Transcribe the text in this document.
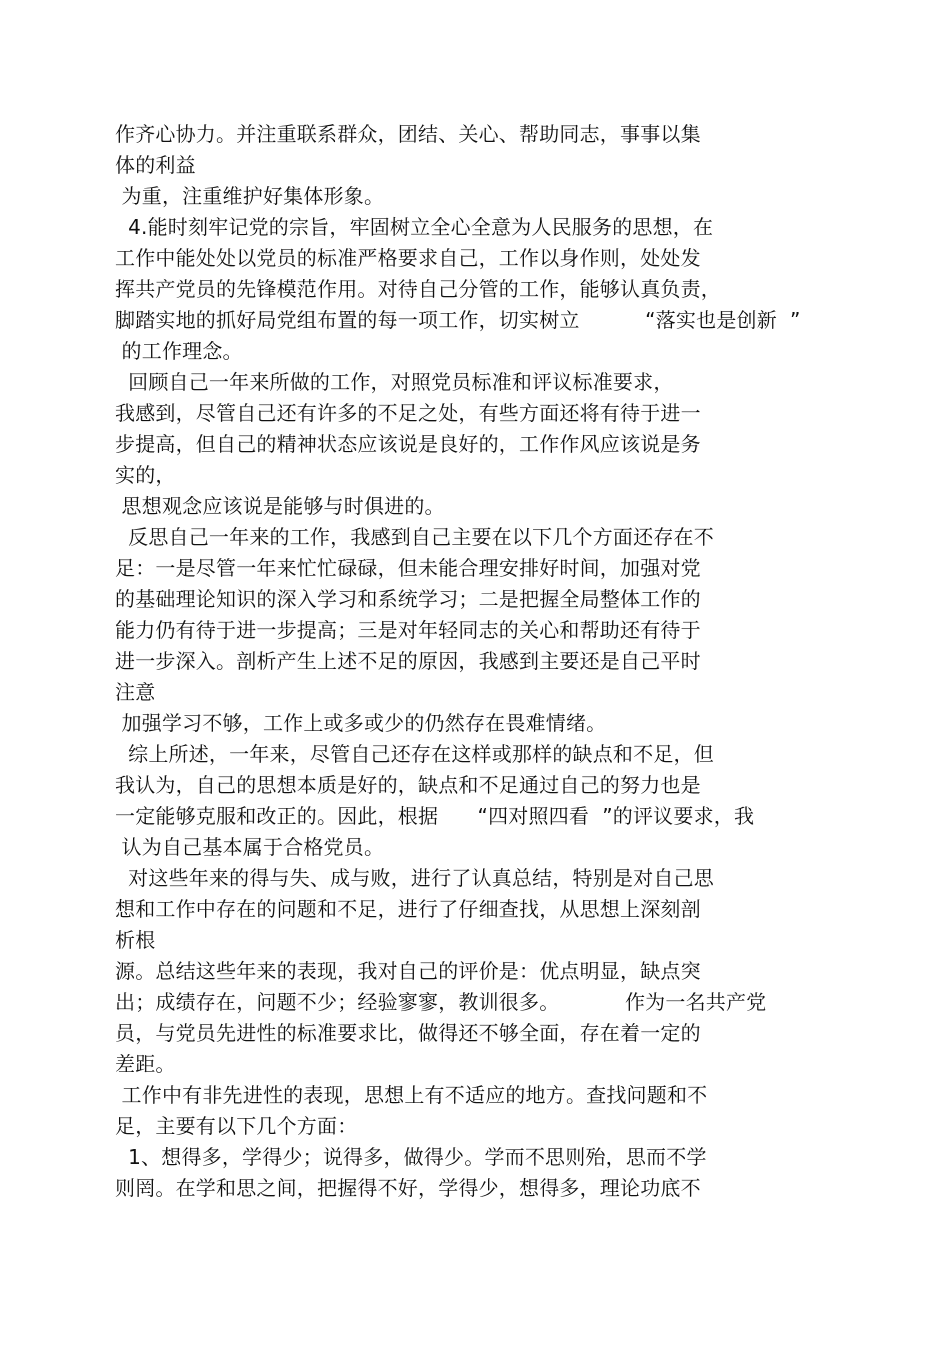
作齐心协力。并注重联系群众，团结、关心、帮助同志，事事以集
体的利益
为重，注重维护好集体形象。
4.能时刻牢记党的宗旨，牢固树立全心全意为人民服务的思想，在
工作中能处处以党员的标准严格要求自己，工作以身作则，处处发
挥共产党员的先锋模范作用。对待自己分管的工作，能够认真负责，
脚踏实地的抓好局党组布置的每一项工作，切实树立          “落实也是创新  ”
的工作理念。
回顾自己一年来所做的工作，对照党员标准和评议标准要求，
我感到，尽管自己还有许多的不足之处，有些方面还将有待于进一
步提高，但自己的精神状态应该说是良好的，工作作风应该说是务
实的，
思想观念应该说是能够与时俱进的。
反思自己一年来的工作，我感到自己主要在以下几个方面还存在不
足：一是尽管一年来忙忙碌碌，但未能合理安排好时间，加强对党
的基础理论知识的深入学习和系统学习；二是把握全局整体工作的
能力仍有待于进一步提高；三是对年轻同志的关心和帮助还有待于
进一步深入。剖析产生上述不足的原因，我感到主要还是自己平时
注意
加强学习不够，工作上或多或少的仍然存在畏难情绪。
综上所述，一年来，尽管自己还存在这样或那样的缺点和不足，但
我认为，自己的思想本质是好的，缺点和不足通过自己的努力也是
一定能够克服和改正的。因此，根据      “四对照四看  ”的评议要求，我
认为自己基本属于合格党员。
对这些年来的得与失、成与败，进行了认真总结，特别是对自己思
想和工作中存在的问题和不足，进行了仔细查找，从思想上深刻剖
析根
源。总结这些年来的表现，我对自己的评价是：优点明显，缺点突
出；成绩存在，问题不少；经验寥寥，教训很多。          作为一名共产党
员，与党员先进性的标准要求比，做得还不够全面，存在着一定的
差距。
工作中有非先进性的表现，思想上有不适应的地方。查找问题和不
足，主要有以下几个方面：
1、想得多，学得少；说得多，做得少。学而不思则殆，思而不学
则罔。在学和思之间，把握得不好，学得少，想得多，理论功底不
